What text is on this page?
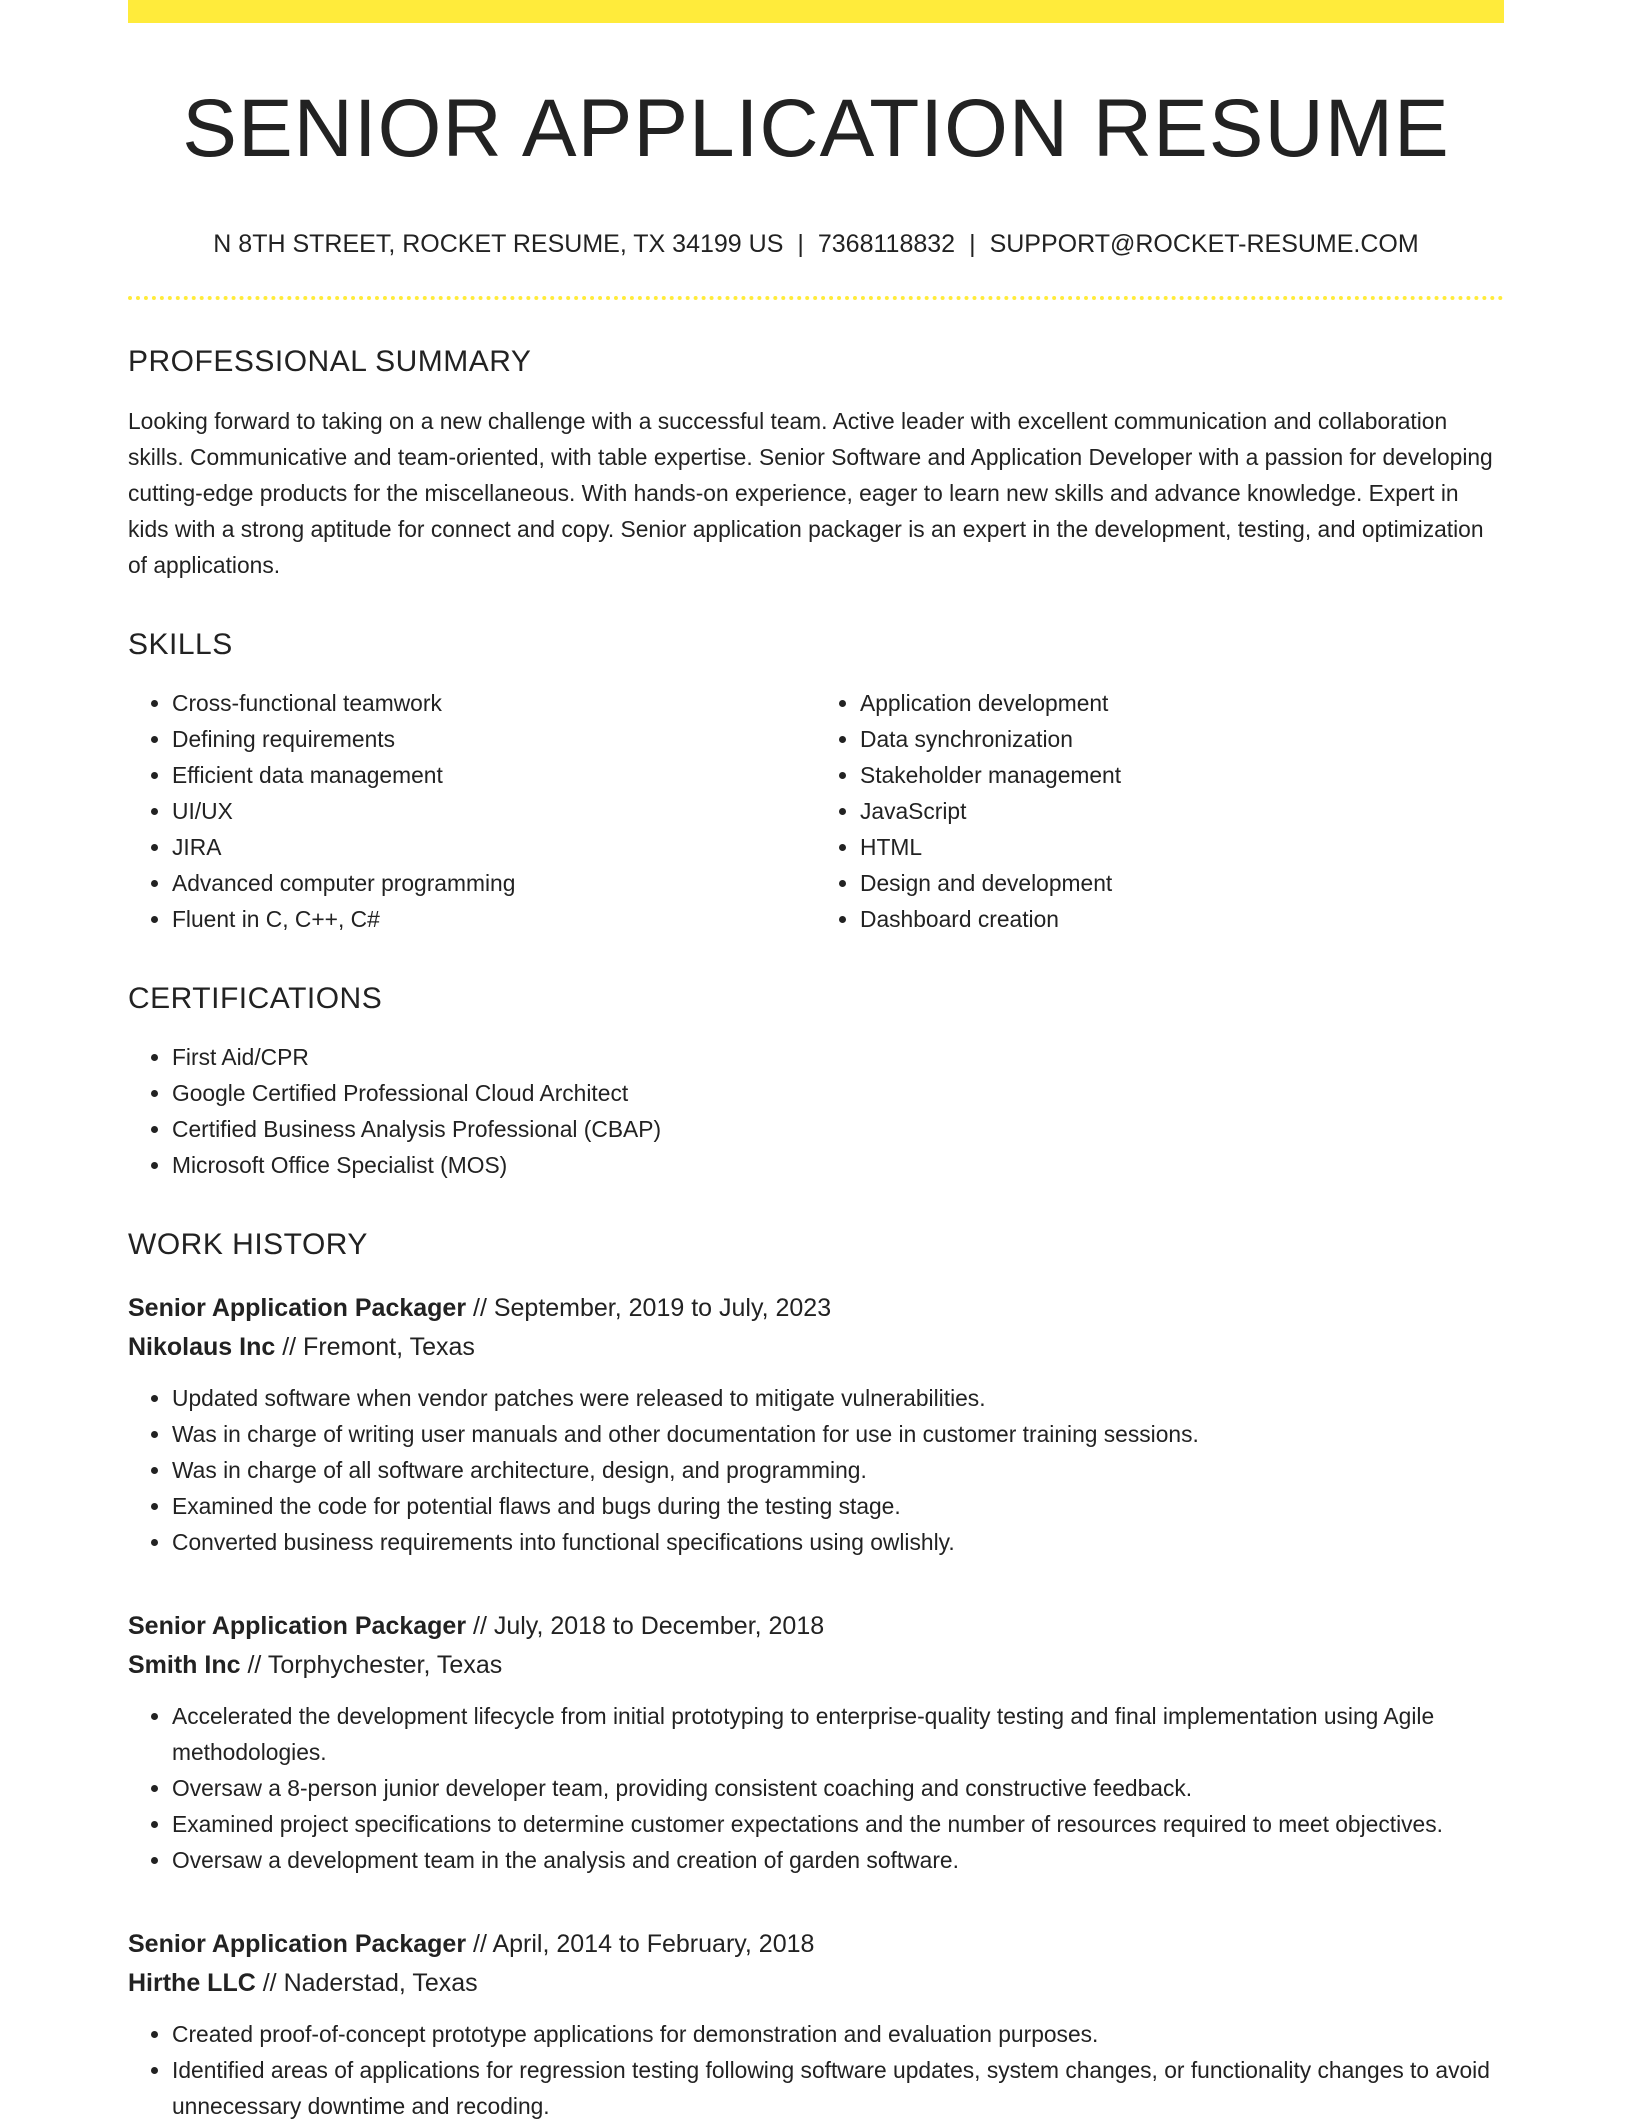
SENIOR APPLICATION RESUME
N 8TH STREET, ROCKET RESUME, TX 34199 US | 7368118832 | SUPPORT@ROCKET-RESUME.COM
PROFESSIONAL SUMMARY

Looking forward to taking on a new challenge with a successful team. Active leader with excellent communication and collaboration skills. Communicative and team-oriented, with table expertise. Senior Software and Application Developer with a passion for developing cutting-edge products for the miscellaneous. With hands-on experience, eager to learn new skills and advance knowledge. Expert in kids with a strong aptitude for connect and copy. Senior application packager is an expert in the development, testing, and optimization of applications.

SKILLS
• Cross-functional teamwork
• Defining requirements
• Efficient data management
• UI/UX
• JIRA
• Advanced computer programming
• Fluent in C, C++, C#
• Application development
• Data synchronization
• Stakeholder management
• JavaScript
• HTML
• Design and development
• Dashboard creation
CERTIFICATIONS
• First Aid/CPR
• Google Certified Professional Cloud Architect
• Certified Business Analysis Professional (CBAP)
• Microsoft Office Specialist (MOS)
WORK HISTORY
Senior Application Packager // September, 2019 to July, 2023
Nikolaus Inc // Fremont, Texas
• Updated software when vendor patches were released to mitigate vulnerabilities.
• Was in charge of writing user manuals and other documentation for use in customer training sessions.
• Was in charge of all software architecture, design, and programming.
• Examined the code for potential flaws and bugs during the testing stage.
• Converted business requirements into functional specifications using owlishly.
Senior Application Packager // July, 2018 to December, 2018
Smith Inc // Torphychester, Texas
• Accelerated the development lifecycle from initial prototyping to enterprise-quality testing and final implementation using Agile methodologies.
• Oversaw a 8-person junior developer team, providing consistent coaching and constructive feedback.
• Examined project specifications to determine customer expectations and the number of resources required to meet objectives.
• Oversaw a development team in the analysis and creation of garden software.
Senior Application Packager // April, 2014 to February, 2018
Hirthe LLC // Naderstad, Texas
• Created proof-of-concept prototype applications for demonstration and evaluation purposes.
• Identified areas of applications for regression testing following software updates, system changes, or functionality changes to avoid unnecessary downtime and recoding.
